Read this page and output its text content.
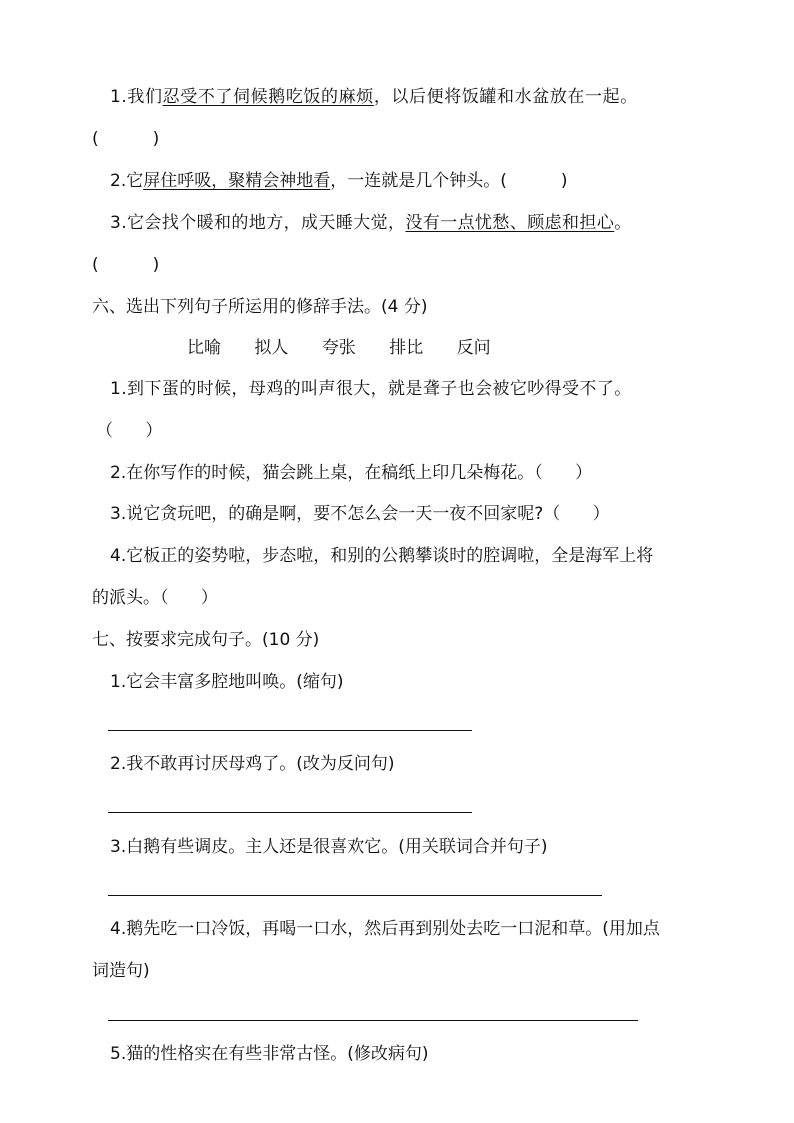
1.我们忍受不了伺候鹅吃饭的麻烦，以后便将饭罐和水盆放在一起。
(          )
2.它屏住呼吸，聚精会神地看，一连就是几个钟头。(          )
3.它会找个暖和的地方，成天睡大觉，没有一点忧愁、顾虑和担心。
(          )
六、选出下列句子所运用的修辞手法。(4 分)
比喻 拟人 夸张 排比 反问
1.到下蛋的时候，母鸡的叫声很大，就是聋子也会被它吵得受不了。
（      ）
2.在你写作的时候，猫会跳上桌，在稿纸上印几朵梅花。（      ）
3.说它贪玩吧，的确是啊，要不怎么会一天一夜不回家呢?（      ）
4.它板正的姿势啦，步态啦，和别的公鹅攀谈时的腔调啦，全是海军上将
的派头。（      ）
七、按要求完成句子。(10 分)
1.它会丰富多腔地叫唤。(缩句)
2.我不敢再讨厌母鸡了。(改为反问句)
3.白鹅有些调皮。主人还是很喜欢它。(用关联词合并句子)
4.鹅先吃一口冷饭，再喝一口水，然后再到别处去吃一口泥和草。(用加点
词造句)
5.猫的性格实在有些非常古怪。(修改病句)
